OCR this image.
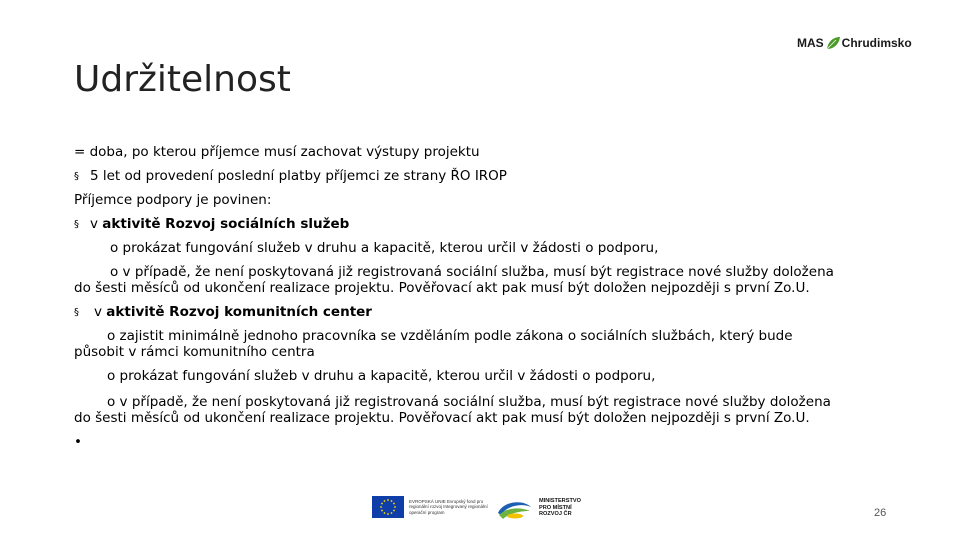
MAS Chrudimsko
Udržitelnost
= doba, po kterou příjemce musí zachovat výstupy projektu
§ 5 let od provedení poslední platby příjemci ze strany ŘO IROP
Příjemce podpory je povinen:
§ v aktivitě Rozvoj sociálních služeb
o prokázat fungování služeb v druhu a kapacitě, kterou určil v žádosti o podporu,
o v případě, že není poskytovaná již registrovaná sociální služba, musí být registrace nové služby doložena
do šesti měsíců od ukončení realizace projektu. Pověřovací akt pak musí být doložen nejpozději s první Zo.U.
§ v aktivitě Rozvoj komunitních center
o zajistit minimálně jednoho pracovníka se vzděláním podle zákona o sociálních službách, který bude
působit v rámci komunitního centra
o prokázat fungování služeb v druhu a kapacitě, kterou určil v žádosti o podporu,
o v případě, že není poskytovaná již registrovaná sociální služba, musí být registrace nové služby doložena
do šesti měsíců od ukončení realizace projektu. Pověřovací akt pak musí být doložen nejpozději s první Zo.U.
•
EVROPSKÁ UNIE Evropský fond pro regionální rozvoj Integrovaný regionální operační program
MINISTERSTVO
PRO MÍSTNÍ
ROZVOJ ČR	26
